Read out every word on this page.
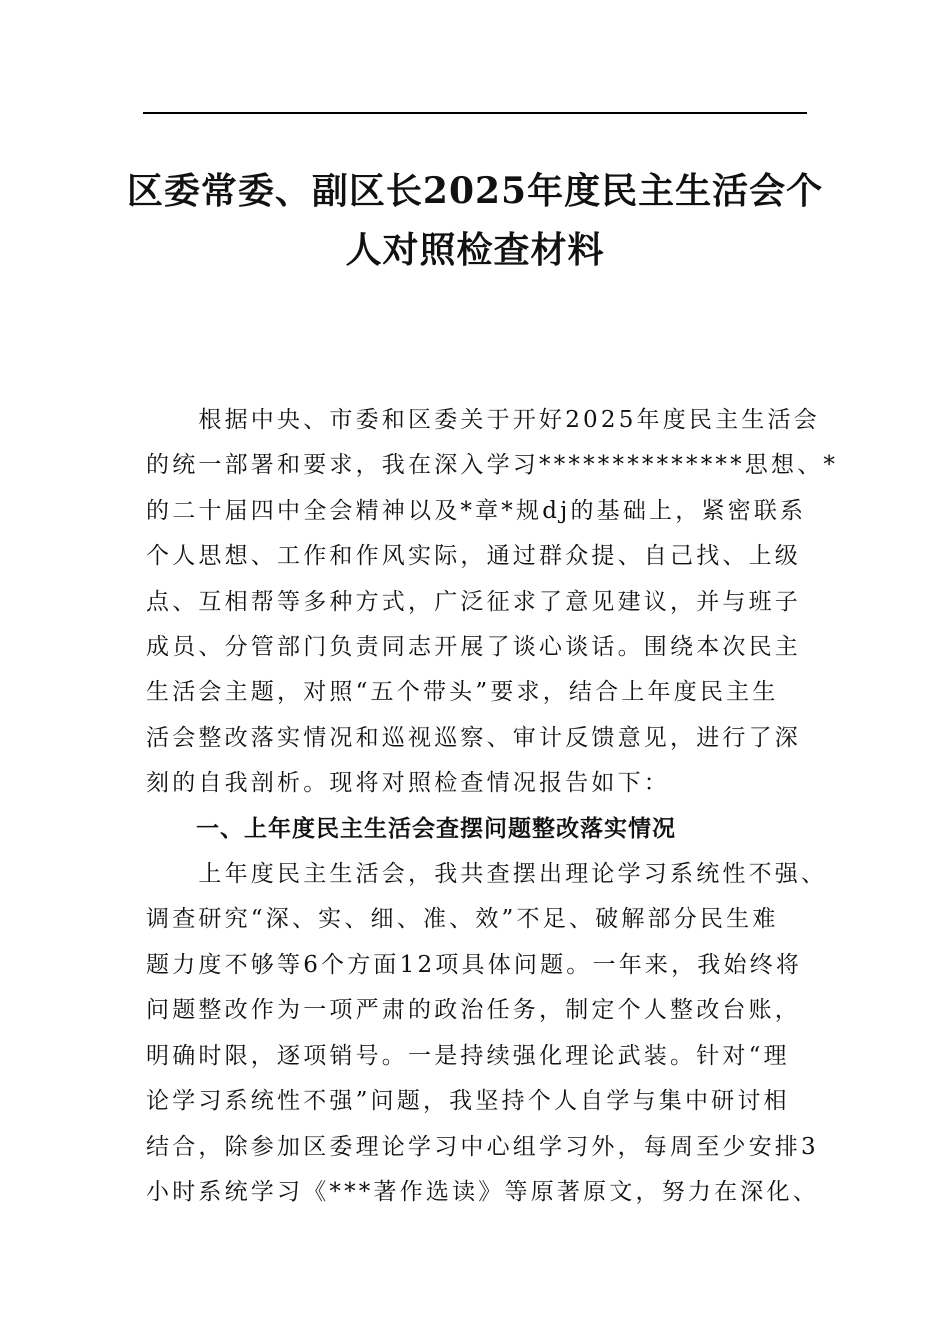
区委常委、副区长2025年度民主生活会个
人对照检查材料

　　根据中央、市委和区委关于开好2025年度民主生活会
的统一部署和要求，我在深入学习**************思想、*
的二十届四中全会精神以及*章*规dj的基础上，紧密联系
个人思想、工作和作风实际，通过群众提、自己找、上级
点、互相帮等多种方式，广泛征求了意见建议，并与班子
成员、分管部门负责同志开展了谈心谈话。围绕本次民主
生活会主题，对照“五个带头”要求，结合上年度民主生
活会整改落实情况和巡视巡察、审计反馈意见，进行了深
刻的自我剖析。现将对照检查情况报告如下：

一、上年度民主生活会查摆问题整改落实情况

　　上年度民主生活会，我共查摆出理论学习系统性不强、
调查研究“深、实、细、准、效”不足、破解部分民生难
题力度不够等6个方面12项具体问题。一年来，我始终将
问题整改作为一项严肃的政治任务，制定个人整改台账，
明确时限，逐项销号。一是持续强化理论武装。针对“理
论学习系统性不强”问题，我坚持个人自学与集中研讨相
结合，除参加区委理论学习中心组学习外，每周至少安排3
小时系统学习《***著作选读》等原著原文，努力在深化、
